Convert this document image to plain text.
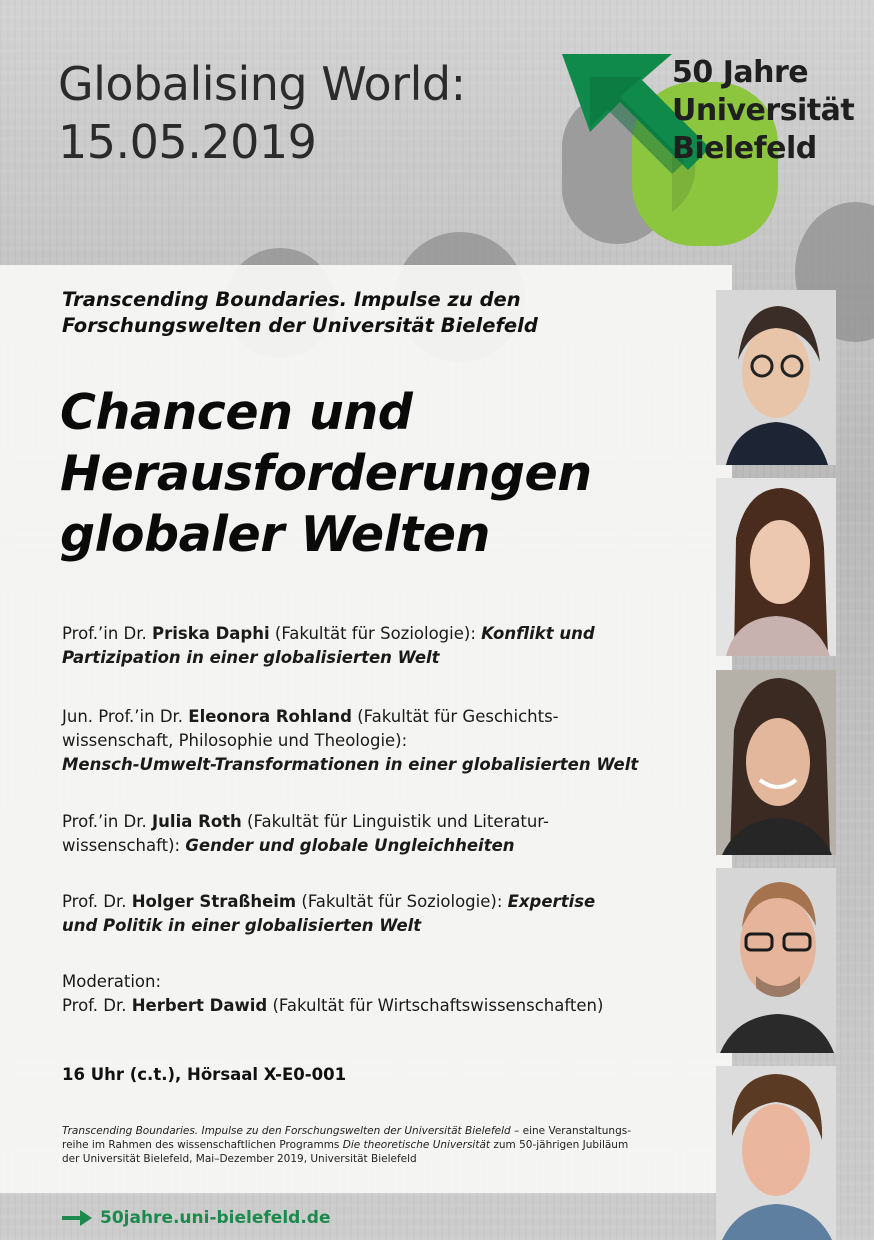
Globalising World:
15.05.2019
50 Jahre
Universität
Bielefeld
Transcending Boundaries. Impulse zu den
Forschungswelten der Universität Bielefeld
Chancen und
Herausforderungen
globaler Welten
Prof.’in Dr. Priska Daphi (Fakultät für Soziologie): Konflikt und
Partizipation in einer globalisierten Welt
Jun. Prof.’in Dr. Eleonora Rohland (Fakultät für Geschichts-
wissenschaft, Philosophie und Theologie):
Mensch-Umwelt-Transformationen in einer globalisierten Welt
Prof.’in Dr. Julia Roth (Fakultät für Linguistik und Literatur-
wissenschaft): Gender und globale Ungleichheiten
Prof. Dr. Holger Straßheim (Fakultät für Soziologie): Expertise
und Politik in einer globalisierten Welt
Moderation:
Prof. Dr. Herbert Dawid (Fakultät für Wirtschaftswissenschaften)
16 Uhr (c.t.), Hörsaal X-E0-001
Transcending Boundaries. Impulse zu den Forschungswelten der Universität Bielefeld – eine Veranstaltungs-
reihe im Rahmen des wissenschaftlichen Programms Die theoretische Universität zum 50-jährigen Jubiläum
der Universität Bielefeld, Mai–Dezember 2019, Universität Bielefeld
50jahre.uni-bielefeld.de
